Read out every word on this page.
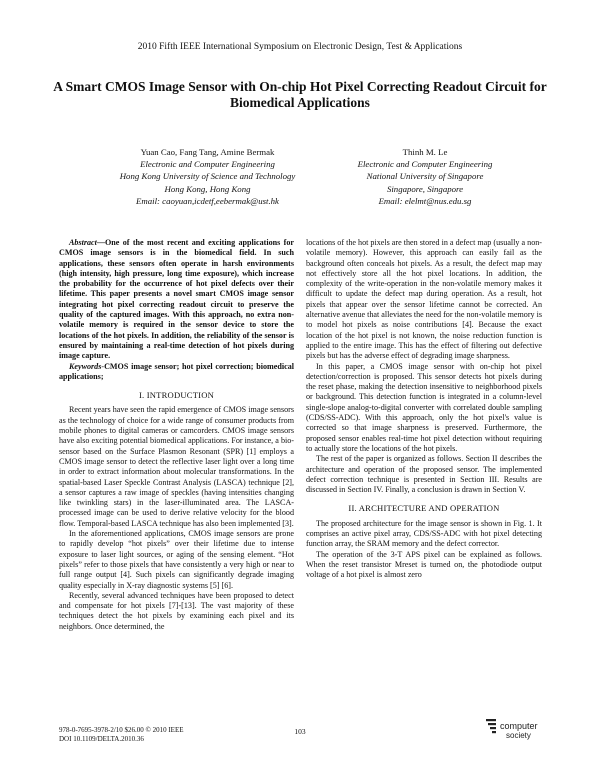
2010 Fifth IEEE International Symposium on Electronic Design, Test & Applications
A Smart CMOS Image Sensor with On-chip Hot Pixel Correcting Readout Circuit for Biomedical Applications
Yuan Cao, Fang Tang, Amine Bermak
Electronic and Computer Engineering
Hong Kong University of Science and Technology
Hong Kong, Hong Kong
Email: caoyuan,icdetf,eebermak@ust.hk
Thinh M. Le
Electronic and Computer Engineering
National University of Singapore
Singapore, Singapore
Email: elelmt@nus.edu.sg

Abstract—One of the most recent and exciting applications for CMOS image sensors is in the biomedical field. In such applications, these sensors often operate in harsh environments (high intensity, high pressure, long time exposure), which increase the probability for the occurrence of hot pixel defects over their lifetime. This paper presents a novel smart CMOS image sensor integrating hot pixel correcting readout circuit to preserve the quality of the captured images. With this approach, no extra non-volatile memory is required in the sensor device to store the locations of the hot pixels. In addition, the reliability of the sensor is ensured by maintaining a real-time detection of hot pixels during image capture.

Keywords-CMOS image sensor; hot pixel correction; biomedical applications;

I. INTRODUCTION

Recent years have seen the rapid emergence of CMOS image sensors as the technology of choice for a wide range of consumer products from mobile phones to digital cameras or camcorders. CMOS image sensors have also exciting potential biomedical applications. For instance, a bio-sensor based on the Surface Plasmon Resonant (SPR) [1] employs a CMOS image sensor to detect the reflective laser light over a long time in order to extract information about molecular transformations. In the spatial-based Laser Speckle Contrast Analysis (LASCA) technique [2], a sensor captures a raw image of speckles (having intensities changing like twinkling stars) in the laser-illuminated area. The LASCA-processed image can be used to derive relative velocity for the blood flow. Temporal-based LASCA technique has also been implemented [3].

In the aforementioned applications, CMOS image sensors are prone to rapidly develop “hot pixels” over their lifetime due to intense exposure to laser light sources, or aging of the sensing element. “Hot pixels” refer to those pixels that have consistently a very high or near to full range output [4]. Such pixels can significantly degrade imaging quality especially in X-ray diagnostic systems [5] [6].

Recently, several advanced techniques have been proposed to detect and compensate for hot pixels [7]-[13]. The vast majority of these techniques detect the hot pixels by examining each pixel and its neighbors. Once determined, the

locations of the hot pixels are then stored in a defect map (usually a non-volatile memory). However, this approach can easily fail as the background often conceals hot pixels. As a result, the defect map may not effectively store all the hot pixel locations. In addition, the complexity of the write-operation in the non-volatile memory makes it difficult to update the defect map during operation. As a result, hot pixels that appear over the sensor lifetime cannot be corrected. An alternative avenue that alleviates the need for the non-volatile memory is to model hot pixels as noise contributions [4]. Because the exact location of the hot pixel is not known, the noise reduction function is applied to the entire image. This has the effect of filtering out defective pixels but has the adverse effect of degrading image sharpness.

In this paper, a CMOS image sensor with on-chip hot pixel detection/correction is proposed. This sensor detects hot pixels during the reset phase, making the detection insensitive to neighborhood pixels or background. This detection function is integrated in a column-level single-slope analog-to-digital converter with correlated double sampling (CDS/SS-ADC). With this approach, only the hot pixel's value is corrected so that image sharpness is preserved. Furthermore, the proposed sensor enables real-time hot pixel detection without requiring to actually store the locations of the hot pixels.

The rest of the paper is organized as follows. Section II describes the architecture and operation of the proposed sensor. The implemented defect correction technique is presented in Section III. Results are discussed in Section IV. Finally, a conclusion is drawn in Section V.

II. ARCHITECTURE AND OPERATION

The proposed architecture for the image sensor is shown in Fig. 1. It comprises an active pixel array, CDS/SS-ADC with hot pixel detecting function array, the SRAM memory and the defect corrector.

The operation of the 3-T APS pixel can be explained as follows. When the reset transistor Mreset is turned on, the photodiode output voltage of a hot pixel is almost zero

978-0-7695-3978-2/10 $26.00 © 2010 IEEE
DOI 10.1109/DELTA.2010.36
103
computer
society
